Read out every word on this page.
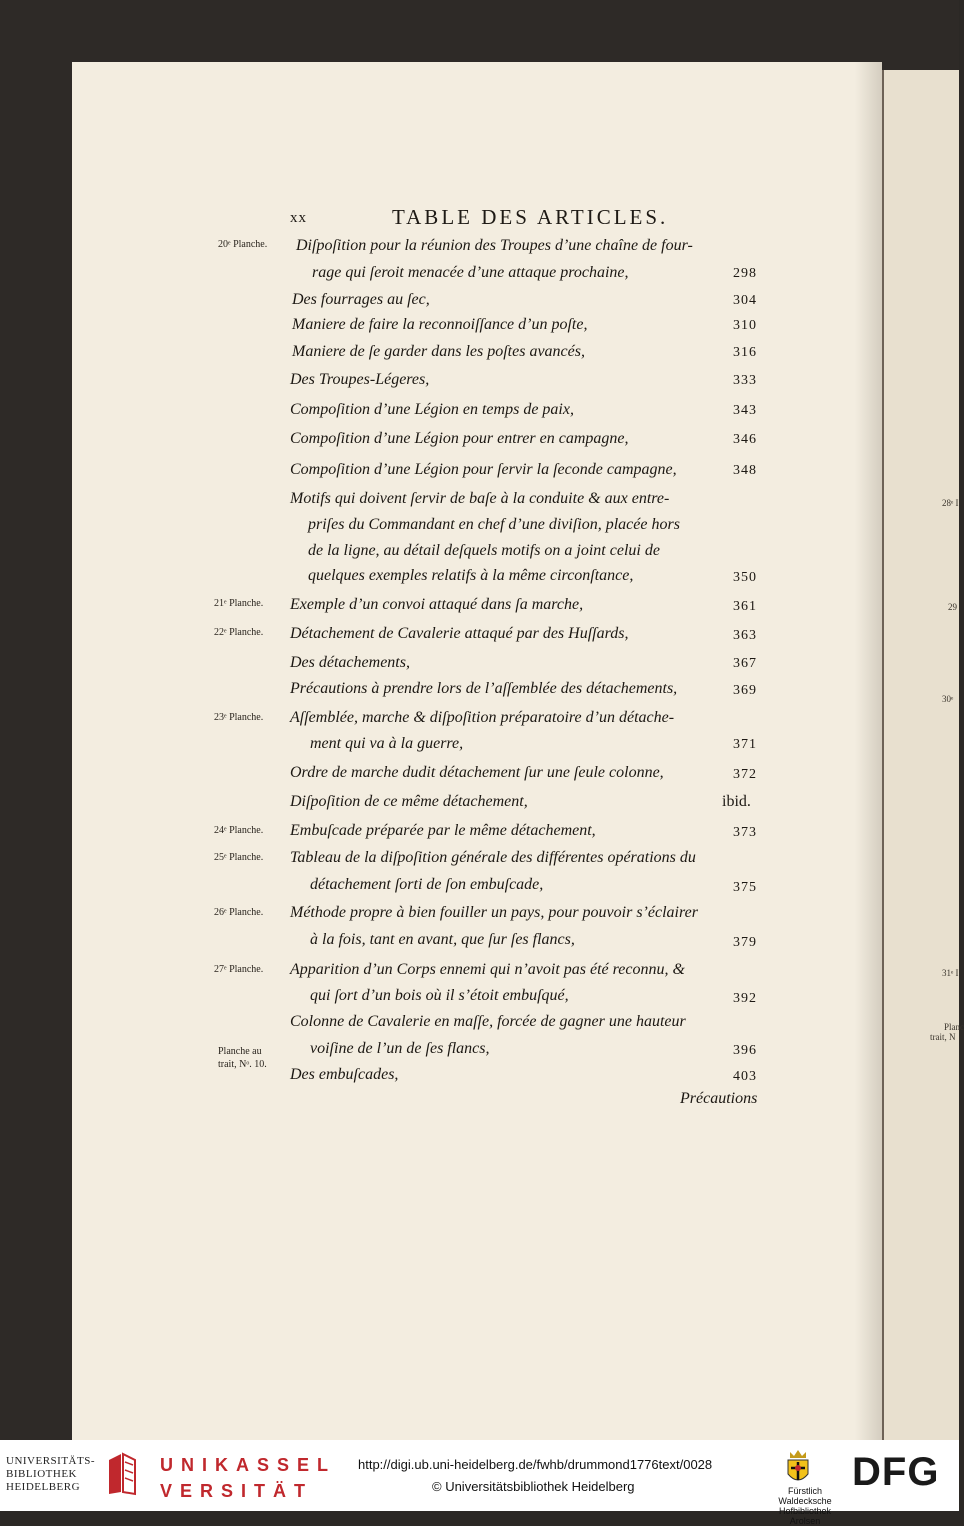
28ᵉ I
29
30ᵉ
31ᵉ I
Planc
trait, N
xx	TABLE DES ARTICLES.
20ᵉ Planche. Diſpoſition pour la réunion des Troupes d’une chaîne de four-
rage qui ſeroit menacée d’une attaque prochaine,	298
Des fourrages au ſec,	304
Maniere de faire la reconnoiſſance d’un poſte,	310
Maniere de ſe garder dans les poſtes avancés,	316
Des Troupes-Légeres,	333
Compoſition d’une Légion en temps de paix,	343
Compoſition d’une Légion pour entrer en campagne,	346
Compoſition d’une Légion pour ſervir la ſeconde campagne,	348
Motifs qui doivent ſervir de baſe à la conduite & aux entre-
priſes du Commandant en chef d’une diviſion, placée hors
de la ligne, au détail deſquels motifs on a joint celui de
quelques exemples relatifs à la même circonſtance,	350
21ᵉ Planche. Exemple d’un convoi attaqué dans ſa marche,	361
22ᵉ Planche. Détachement de Cavalerie attaqué par des Huſſards,	363
Des détachements,	367
Précautions à prendre lors de l’aſſemblée des détachements,	369
23ᵉ Planche. Aſſemblée, marche & diſpoſition préparatoire d’un détache-
ment qui va à la guerre,	371
Ordre de marche dudit détachement ſur une ſeule colonne,	372
Diſpoſition de ce même détachement,	ibid.
24ᵉ Planche. Embuſcade préparée par le même détachement,	373
25ᵉ Planche. Tableau de la diſpoſition générale des différentes opérations du
détachement ſorti de ſon embuſcade,	375
26ᵉ Planche. Méthode propre à bien fouiller un pays, pour pouvoir s’éclairer
à la fois, tant en avant, que ſur ſes flancs,	379
27ᵉ Planche. Apparition d’un Corps ennemi qui n’avoit pas été reconnu, &
qui ſort d’un bois où il s’étoit embuſqué,	392
Colonne de Cavalerie en maſſe, forcée de gagner une hauteur
Planche au
trait, Nᵒ. 10.
voiſine de l’un de ſes flancs,	396
Des embuſcades,	403
Précautions
UNIVERSITÄTS-
BIBLIOTHEK
HEIDELBERG
UNIKASSEL
VERSITÄT
http://digi.ub.uni-heidelberg.de/fwhb/drummond1776text/0028
© Universitätsbibliothek Heidelberg	Fürstlich Waldecksche
Hofbibliothek Arolsen
DFG
